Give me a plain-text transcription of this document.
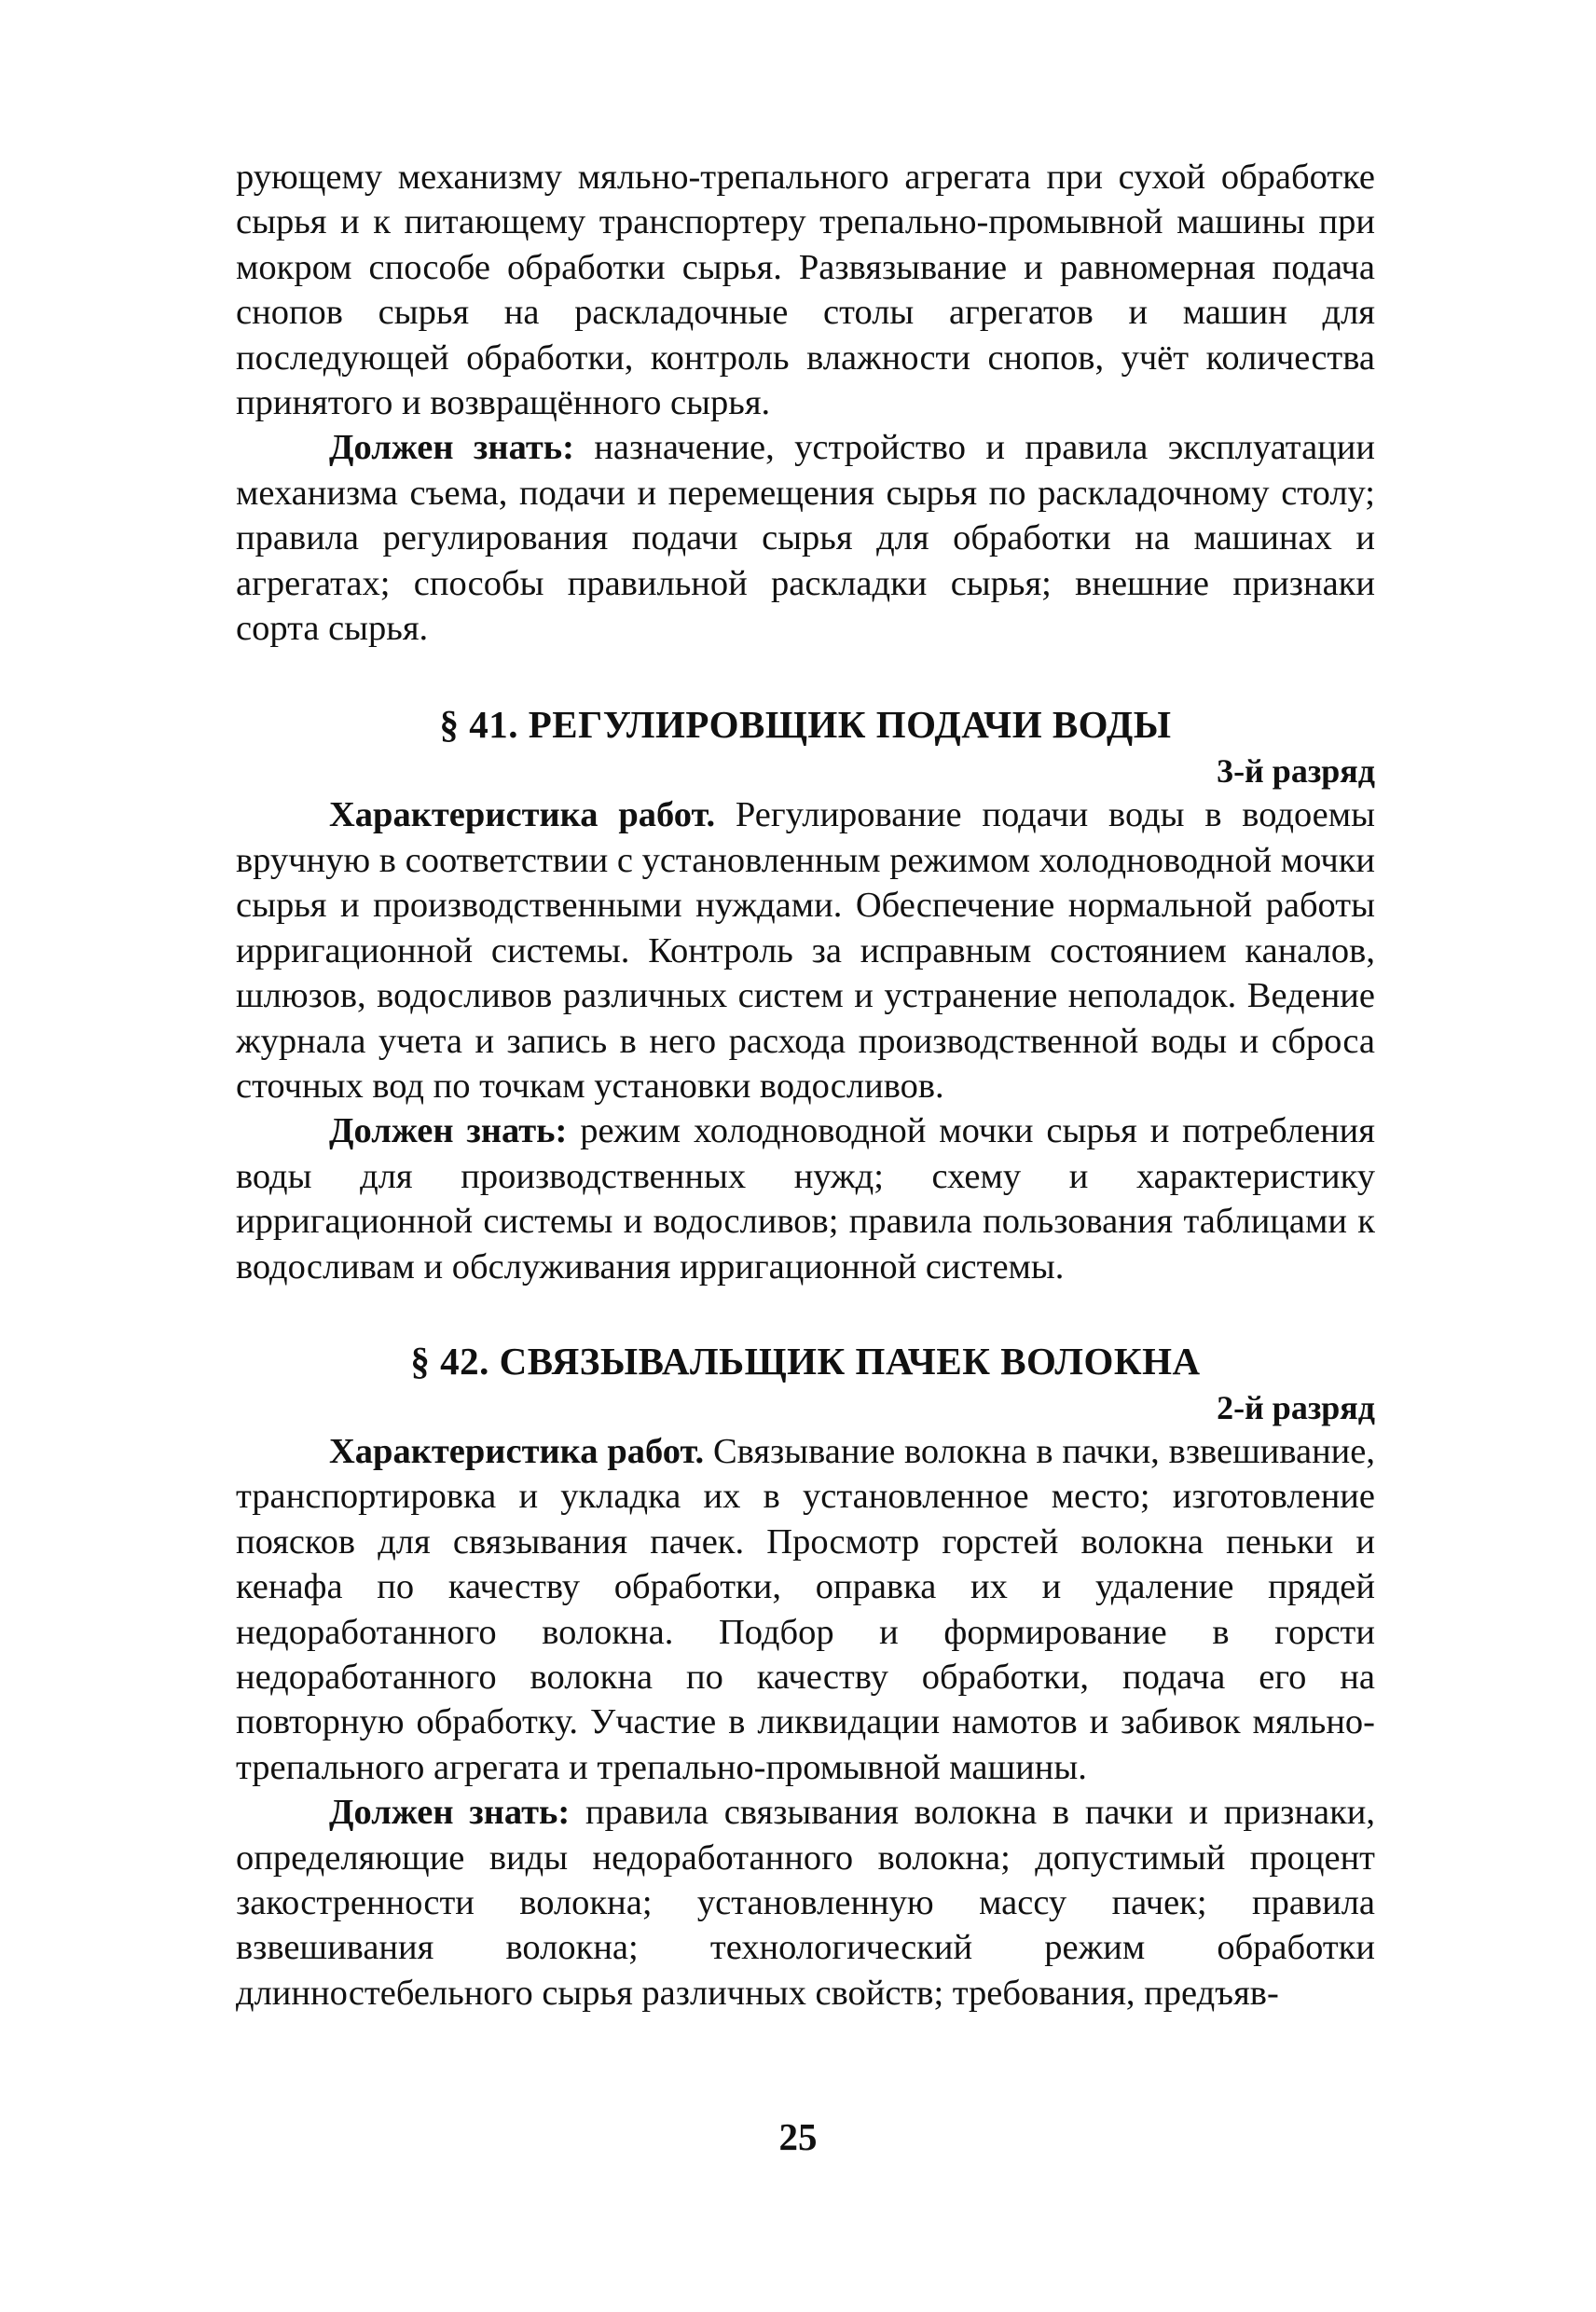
рующему механизму мяльно-трепального агрегата при сухой обработке сырья и к питающему транспортеру трепально-промывной машины при мокром способе обработки сырья. Развязывание и равномерная подача снопов сырья на раскладочные столы агрегатов и машин для последующей обработки, контроль влажности снопов, учёт количества принятого и возвращённого сырья.

Должен знать: назначение, устройство и правила эксплуатации механизма съема, подачи и перемещения сырья по раскладочному столу; правила регулирования подачи сырья для обработки на машинах и агрегатах; способы правильной раскладки сырья; внешние признаки сорта сырья.

§ 41. РЕГУЛИРОВЩИК ПОДАЧИ ВОДЫ
3-й разряд

Характеристика работ. Регулирование подачи воды в водоемы вручную в соответствии с установленным режимом холодноводной мочки сырья и производственными нуждами. Обеспечение нормальной работы ирригационной системы. Контроль за исправным состоянием каналов, шлюзов, водосливов различных систем и устранение неполадок. Ведение журнала учета и запись в него расхода производственной воды и сброса сточных вод по точкам установки водосливов.

Должен знать: режим холодноводной мочки сырья и потребления воды для производственных нужд; схему и характеристику ирригационной системы и водосливов; правила пользования таблицами к водосливам и обслуживания ирригационной системы.

§ 42. СВЯЗЫВАЛЬЩИК ПАЧЕК ВОЛОКНА
2-й разряд

Характеристика работ. Связывание волокна в пачки, взвешивание, транспортировка и укладка их в установленное место; изготовление поясков для связывания пачек. Просмотр горстей волокна пеньки и кенафа по качеству обработки, оправка их и удаление прядей недоработанного волокна. Подбор и формирование в горсти недоработанного волокна по качеству обработки, подача его на повторную обработку. Участие в ликвидации намотов и забивок мяльно-трепального агрегата и трепально-промывной машины.

Должен знать: правила связывания волокна в пачки и признаки, определяющие виды недоработанного волокна; допустимый процент закостренности волокна; установленную массу пачек; правила взвешивания волокна; технологический режим обработки длинностебельного сырья различных свойств; требования, предъяв-

25
